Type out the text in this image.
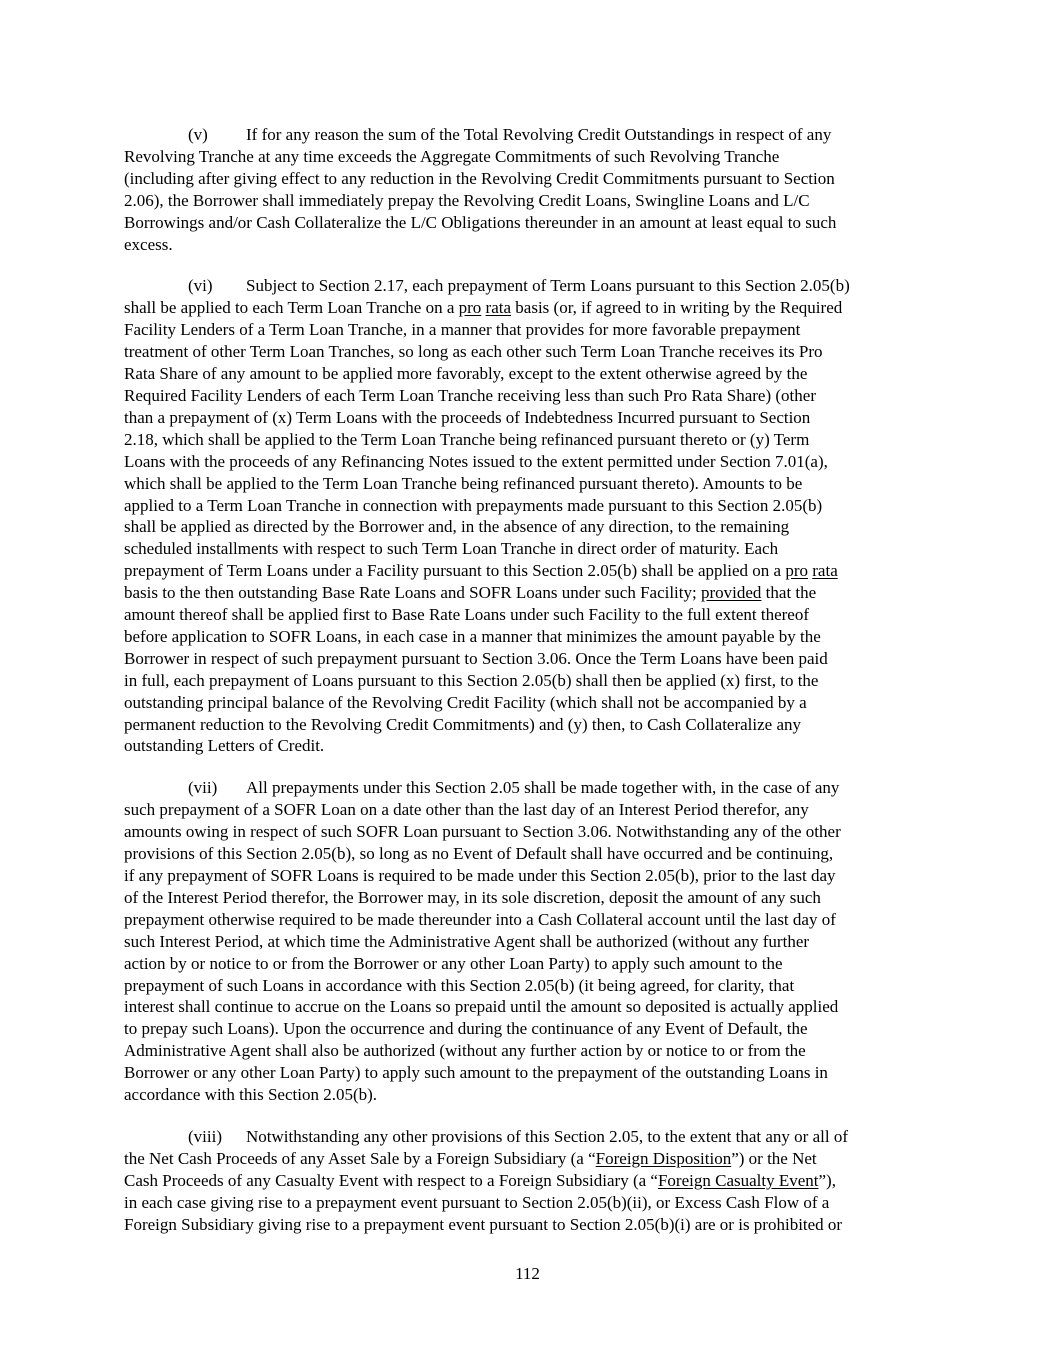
(v) If for any reason the sum of the Total Revolving Credit Outstandings in respect of any
Revolving Tranche at any time exceeds the Aggregate Commitments of such Revolving Tranche
(including after giving effect to any reduction in the Revolving Credit Commitments pursuant to Section
2.06), the Borrower shall immediately prepay the Revolving Credit Loans, Swingline Loans and L/C
Borrowings and/or Cash Collateralize the L/C Obligations thereunder in an amount at least equal to such
excess.
(vi) Subject to Section 2.17, each prepayment of Term Loans pursuant to this Section 2.05(b)
shall be applied to each Term Loan Tranche on a pro rata basis (or, if agreed to in writing by the Required
Facility Lenders of a Term Loan Tranche, in a manner that provides for more favorable prepayment
treatment of other Term Loan Tranches, so long as each other such Term Loan Tranche receives its Pro
Rata Share of any amount to be applied more favorably, except to the extent otherwise agreed by the
Required Facility Lenders of each Term Loan Tranche receiving less than such Pro Rata Share) (other
than a prepayment of (x) Term Loans with the proceeds of Indebtedness Incurred pursuant to Section
2.18, which shall be applied to the Term Loan Tranche being refinanced pursuant thereto or (y) Term
Loans with the proceeds of any Refinancing Notes issued to the extent permitted under Section 7.01(a),
which shall be applied to the Term Loan Tranche being refinanced pursuant thereto). Amounts to be
applied to a Term Loan Tranche in connection with prepayments made pursuant to this Section 2.05(b)
shall be applied as directed by the Borrower and, in the absence of any direction, to the remaining
scheduled installments with respect to such Term Loan Tranche in direct order of maturity. Each
prepayment of Term Loans under a Facility pursuant to this Section 2.05(b) shall be applied on a pro rata
basis to the then outstanding Base Rate Loans and SOFR Loans under such Facility; provided that the
amount thereof shall be applied first to Base Rate Loans under such Facility to the full extent thereof
before application to SOFR Loans, in each case in a manner that minimizes the amount payable by the
Borrower in respect of such prepayment pursuant to Section 3.06. Once the Term Loans have been paid
in full, each prepayment of Loans pursuant to this Section 2.05(b) shall then be applied (x) first, to the
outstanding principal balance of the Revolving Credit Facility (which shall not be accompanied by a
permanent reduction to the Revolving Credit Commitments) and (y) then, to Cash Collateralize any
outstanding Letters of Credit.
(vii) All prepayments under this Section 2.05 shall be made together with, in the case of any
such prepayment of a SOFR Loan on a date other than the last day of an Interest Period therefor, any
amounts owing in respect of such SOFR Loan pursuant to Section 3.06. Notwithstanding any of the other
provisions of this Section 2.05(b), so long as no Event of Default shall have occurred and be continuing,
if any prepayment of SOFR Loans is required to be made under this Section 2.05(b), prior to the last day
of the Interest Period therefor, the Borrower may, in its sole discretion, deposit the amount of any such
prepayment otherwise required to be made thereunder into a Cash Collateral account until the last day of
such Interest Period, at which time the Administrative Agent shall be authorized (without any further
action by or notice to or from the Borrower or any other Loan Party) to apply such amount to the
prepayment of such Loans in accordance with this Section 2.05(b) (it being agreed, for clarity, that
interest shall continue to accrue on the Loans so prepaid until the amount so deposited is actually applied
to prepay such Loans). Upon the occurrence and during the continuance of any Event of Default, the
Administrative Agent shall also be authorized (without any further action by or notice to or from the
Borrower or any other Loan Party) to apply such amount to the prepayment of the outstanding Loans in
accordance with this Section 2.05(b).
(viii) Notwithstanding any other provisions of this Section 2.05, to the extent that any or all of
the Net Cash Proceeds of any Asset Sale by a Foreign Subsidiary (a “Foreign Disposition”) or the Net
Cash Proceeds of any Casualty Event with respect to a Foreign Subsidiary (a “Foreign Casualty Event”),
in each case giving rise to a prepayment event pursuant to Section 2.05(b)(ii), or Excess Cash Flow of a
Foreign Subsidiary giving rise to a prepayment event pursuant to Section 2.05(b)(i) are or is prohibited or
112
